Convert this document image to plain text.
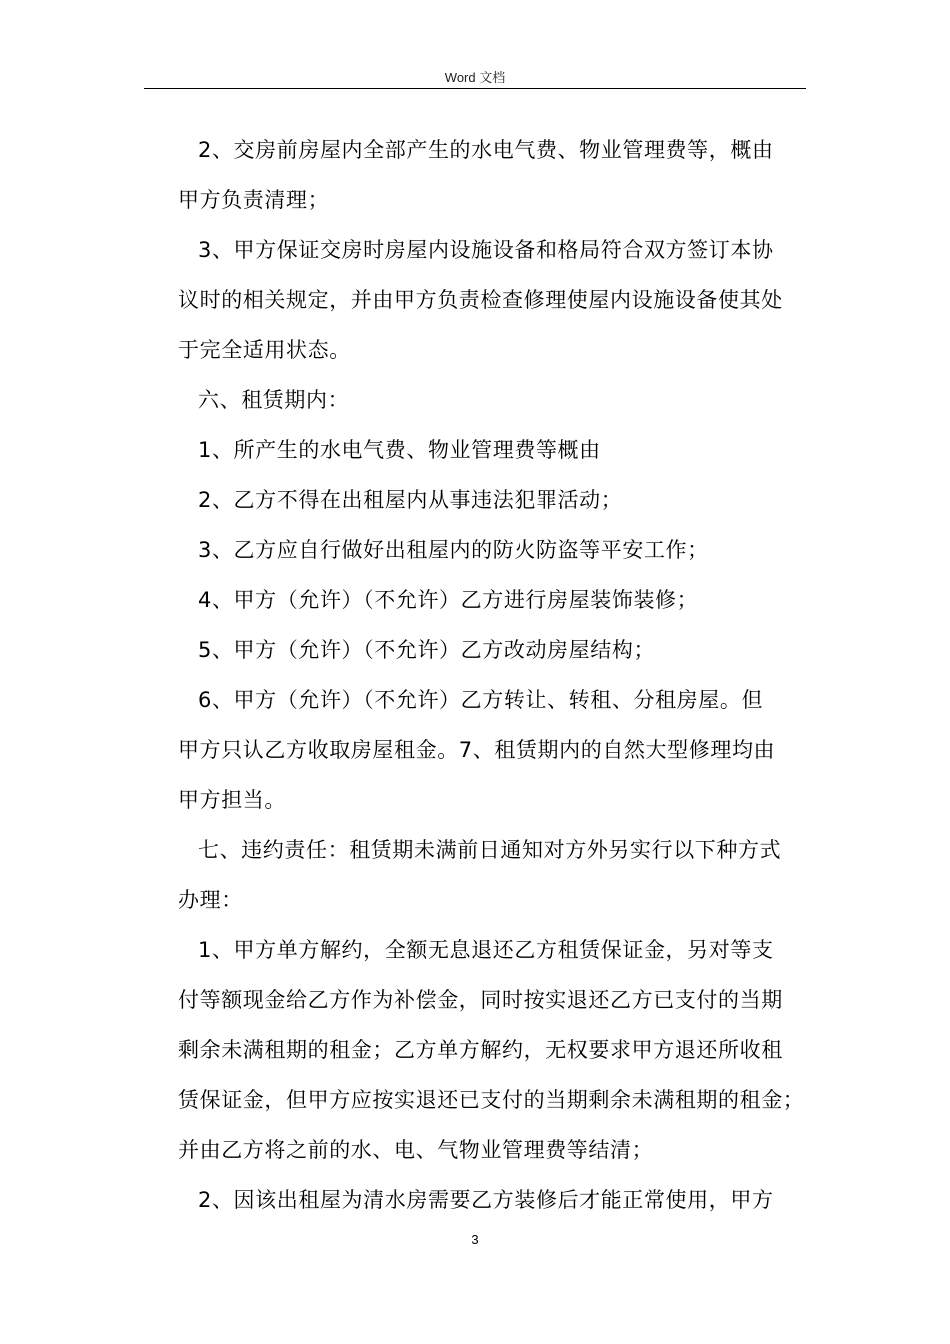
Word 文档
2、交房前房屋内全部产生的水电气费、物业管理费等，概由
甲方负责清理；
3、甲方保证交房时房屋内设施设备和格局符合双方签订本协
议时的相关规定，并由甲方负责检查修理使屋内设施设备使其处
于完全适用状态。
六、租赁期内：
1、所产生的水电气费、物业管理费等概由
2、乙方不得在出租屋内从事违法犯罪活动；
3、乙方应自行做好出租屋内的防火防盗等平安工作；
4、甲方（允许）（不允许）乙方进行房屋装饰装修；
5、甲方（允许）（不允许）乙方改动房屋结构；
6、甲方（允许）（不允许）乙方转让、转租、分租房屋。但
甲方只认乙方收取房屋租金。7、租赁期内的自然大型修理均由
甲方担当。
七、违约责任：租赁期未满前日通知对方外另实行以下种方式
办理：
1、甲方单方解约，全额无息退还乙方租赁保证金，另对等支
付等额现金给乙方作为补偿金，同时按实退还乙方已支付的当期
剩余未满租期的租金；乙方单方解约，无权要求甲方退还所收租
赁保证金，但甲方应按实退还已支付的当期剩余未满租期的租金；
并由乙方将之前的水、电、气物业管理费等结清；
2、因该出租屋为清水房需要乙方装修后才能正常使用，甲方
3
